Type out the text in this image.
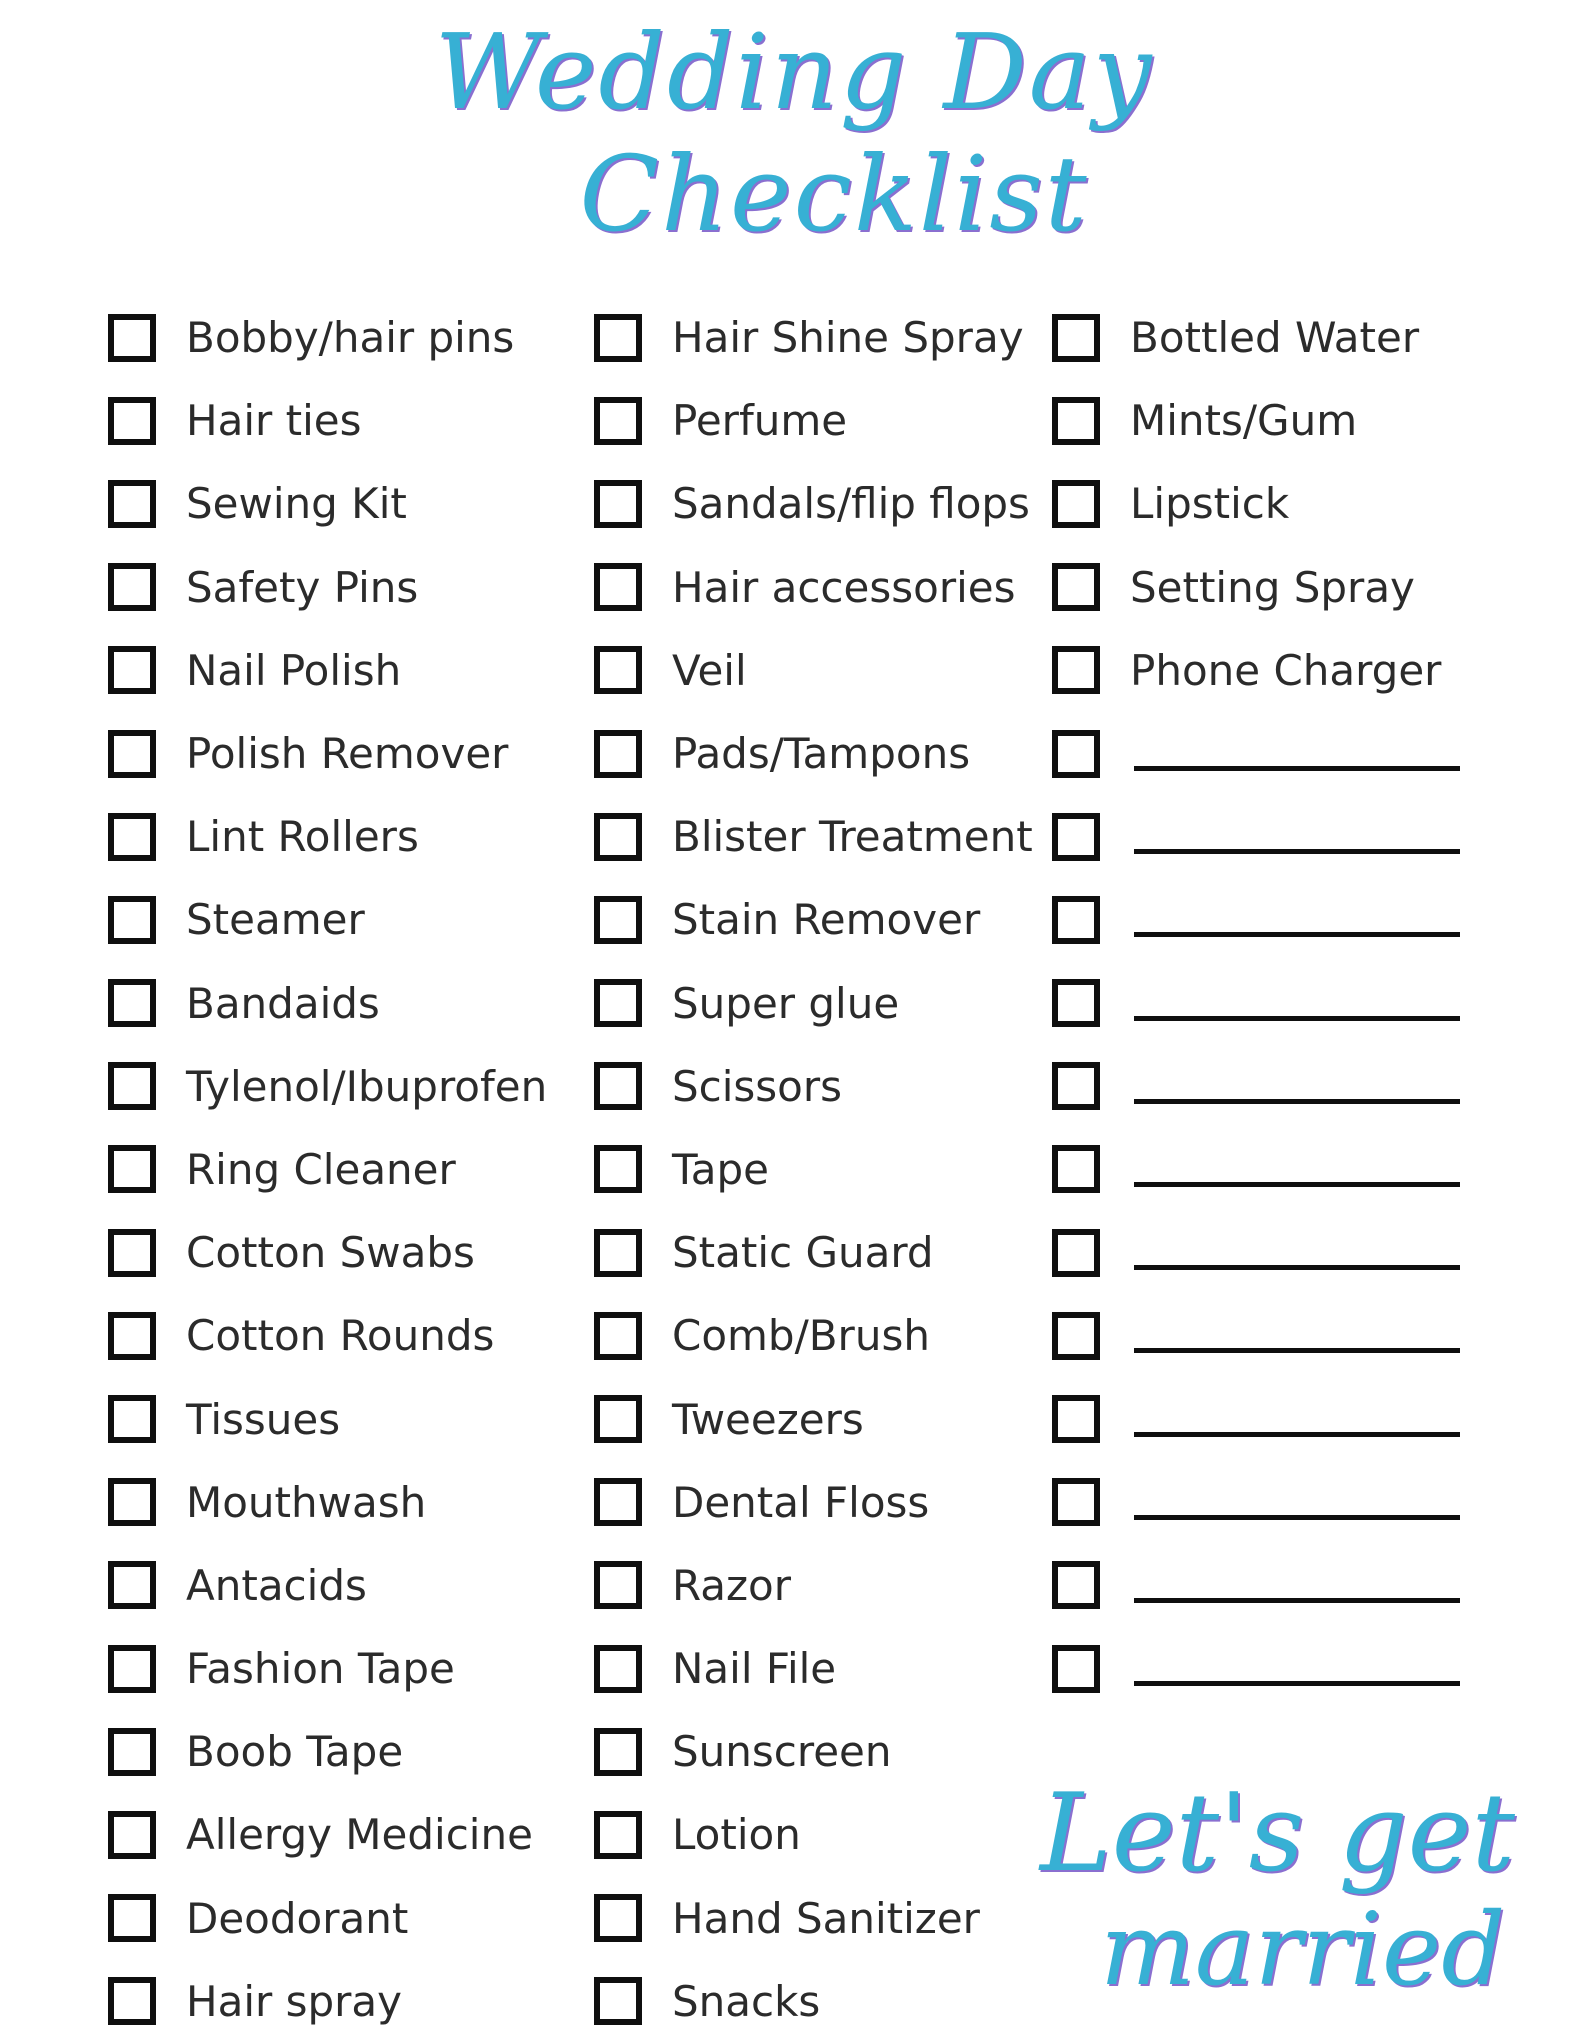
Wedding Day
Checklist
Bobby/hair pins
Hair ties
Sewing Kit
Safety Pins
Nail Polish
Polish Remover
Lint Rollers
Steamer
Bandaids
Tylenol/Ibuprofen
Ring Cleaner
Cotton Swabs
Cotton Rounds
Tissues
Mouthwash
Antacids
Fashion Tape
Boob Tape
Allergy Medicine
Deodorant
Hair spray
Hair Shine Spray
Perfume
Sandals/flip flops
Hair accessories
Veil
Pads/Tampons
Blister Treatment
Stain Remover
Super glue
Scissors
Tape
Static Guard
Comb/Brush
Tweezers
Dental Floss
Razor
Nail File
Sunscreen
Lotion
Hand Sanitizer
Snacks
Bottled Water
Mints/Gum
Lipstick
Setting Spray
Phone Charger
Let's get
married
